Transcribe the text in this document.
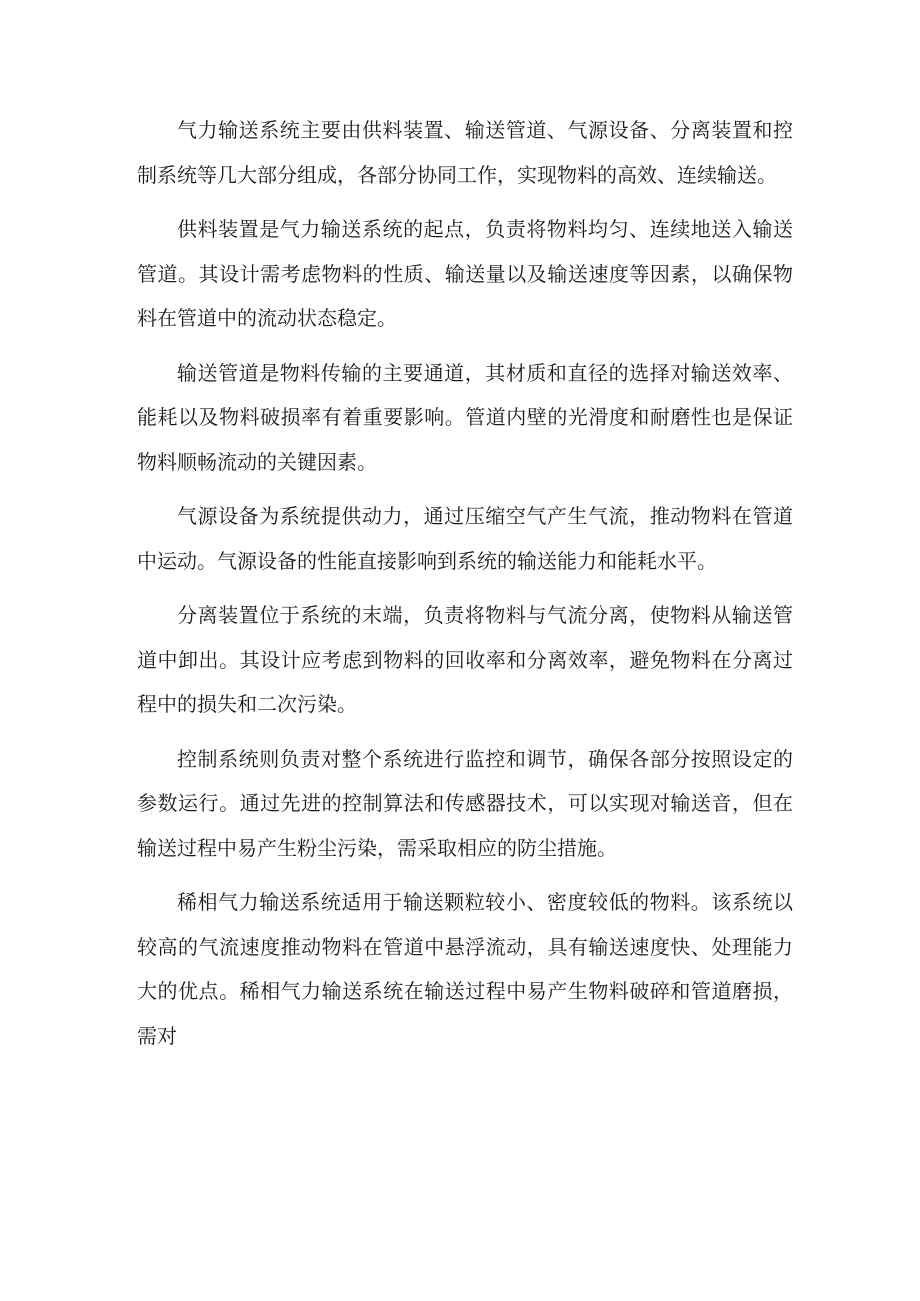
气力输送系统主要由供料装置、输送管道、气源设备、分离装置和控制系统等几大部分组成，各部分协同工作，实现物料的高效、连续输送。

供料装置是气力输送系统的起点，负责将物料均匀、连续地送入输送管道。其设计需考虑物料的性质、输送量以及输送速度等因素，以确保物料在管道中的流动状态稳定。

输送管道是物料传输的主要通道，其材质和直径的选择对输送效率、能耗以及物料破损率有着重要影响。管道内壁的光滑度和耐磨性也是保证物料顺畅流动的关键因素。

气源设备为系统提供动力，通过压缩空气产生气流，推动物料在管道中运动。气源设备的性能直接影响到系统的输送能力和能耗水平。

分离装置位于系统的末端，负责将物料与气流分离，使物料从输送管道中卸出。其设计应考虑到物料的回收率和分离效率，避免物料在分离过程中的损失和二次污染。

控制系统则负责对整个系统进行监控和调节，确保各部分按照设定的参数运行。通过先进的控制算法和传感器技术，可以实现对输送音，但在输送过程中易产生粉尘污染，需采取相应的防尘措施。

稀相气力输送系统适用于输送颗粒较小、密度较低的物料。该系统以较高的气流速度推动物料在管道中悬浮流动，具有输送速度快、处理能力大的优点。稀相气力输送系统在输送过程中易产生物料破碎和管道磨损，需对
